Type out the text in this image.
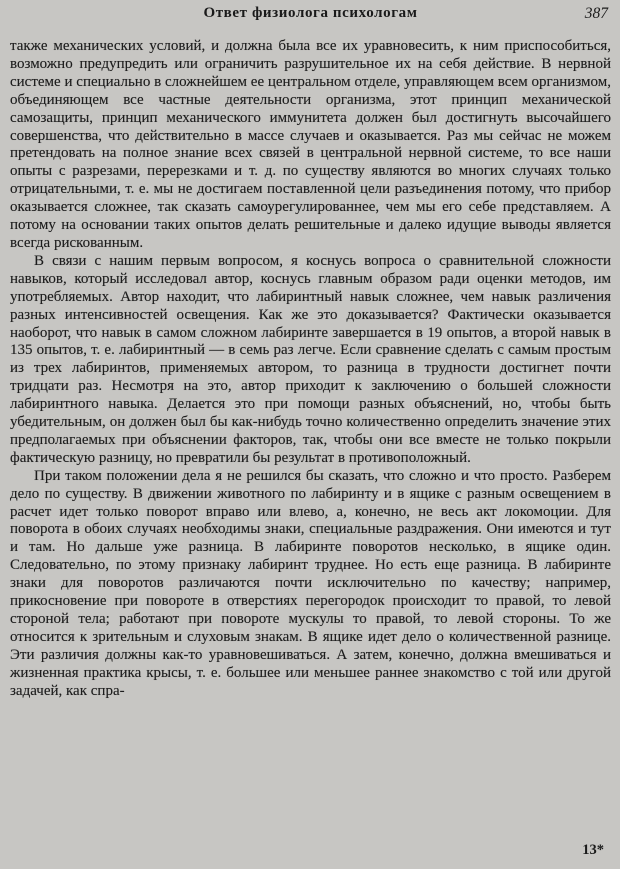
Ответ физиолога психологам	387

также механических условий, и должна была все их уравновесить, к ним приспособиться, возможно предупредить или ограничить разрушительное их на себя действие. В нервной системе и специально в сложнейшем ее центральном отделе, управляющем всем организмом, объединяющем все частные деятельности организма, этот принцип механической самозащиты, принцип механического иммунитета должен был достигнуть высочайшего совершенства, что действительно в массе случаев и оказывается. Раз мы сейчас не можем претендовать на полное знание всех связей в центральной нервной системе, то все наши опыты с разрезами, перерезками и т. д. по существу являются во многих случаях только отрицательными, т. е. мы не достигаем поставленной цели разъединения потому, что прибор оказывается сложнее, так сказать самоурегулированнее, чем мы его себе представляем. А потому на основании таких опытов делать решительные и далеко идущие выводы является всегда рискованным.

В связи с нашим первым вопросом, я коснусь вопроса о сравнительной сложности навыков, который исследовал автор, коснусь главным образом ради оценки методов, им употребляемых. Автор находит, что лабиринтный навык сложнее, чем навык различения разных интенсивностей освещения. Как же это доказывается? Фактически оказывается наоборот, что навык в самом сложном лабиринте завершается в 19 опытов, а второй навык в 135 опытов, т. е. лабиринтный — в семь раз легче. Если сравнение сделать с самым простым из трех лабиринтов, применяемых автором, то разница в трудности достигнет почти тридцати раз. Несмотря на это, автор приходит к заключению о большей сложности лабиринтного навыка. Делается это при помощи разных объяснений, но, чтобы быть убедительным, он должен был бы как-нибудь точно количественно определить значение этих предполагаемых при объяснении факторов, так, чтобы они все вместе не только покрыли фактическую разницу, но превратили бы результат в противоположный.

При таком положении дела я не решился бы сказать, что сложно и что просто. Разберем дело по существу. В движении животного по лабиринту и в ящике с разным освещением в расчет идет только поворот вправо или влево, а, конечно, не весь акт локомоции. Для поворота в обоих случаях необходимы знаки, специальные раздражения. Они имеются и тут и там. Но дальше уже разница. В лабиринте поворотов несколько, в ящике один. Следовательно, по этому признаку лабиринт труднее. Но есть еще разница. В лабиринте знаки для поворотов различаются почти исключительно по качеству; например, прикосновение при повороте в отверстиях перегородок происходит то правой, то левой стороной тела; работают при повороте мускулы то правой, то левой стороны. То же относится к зрительным и слуховым знакам. В ящике идет дело о количественной разнице. Эти различия должны как-то уравновешиваться. А затем, конечно, должна вмешиваться и жизненная практика крысы, т. е. большее или меньшее раннее знакомство с той или другой задачей, как спра-

13*
